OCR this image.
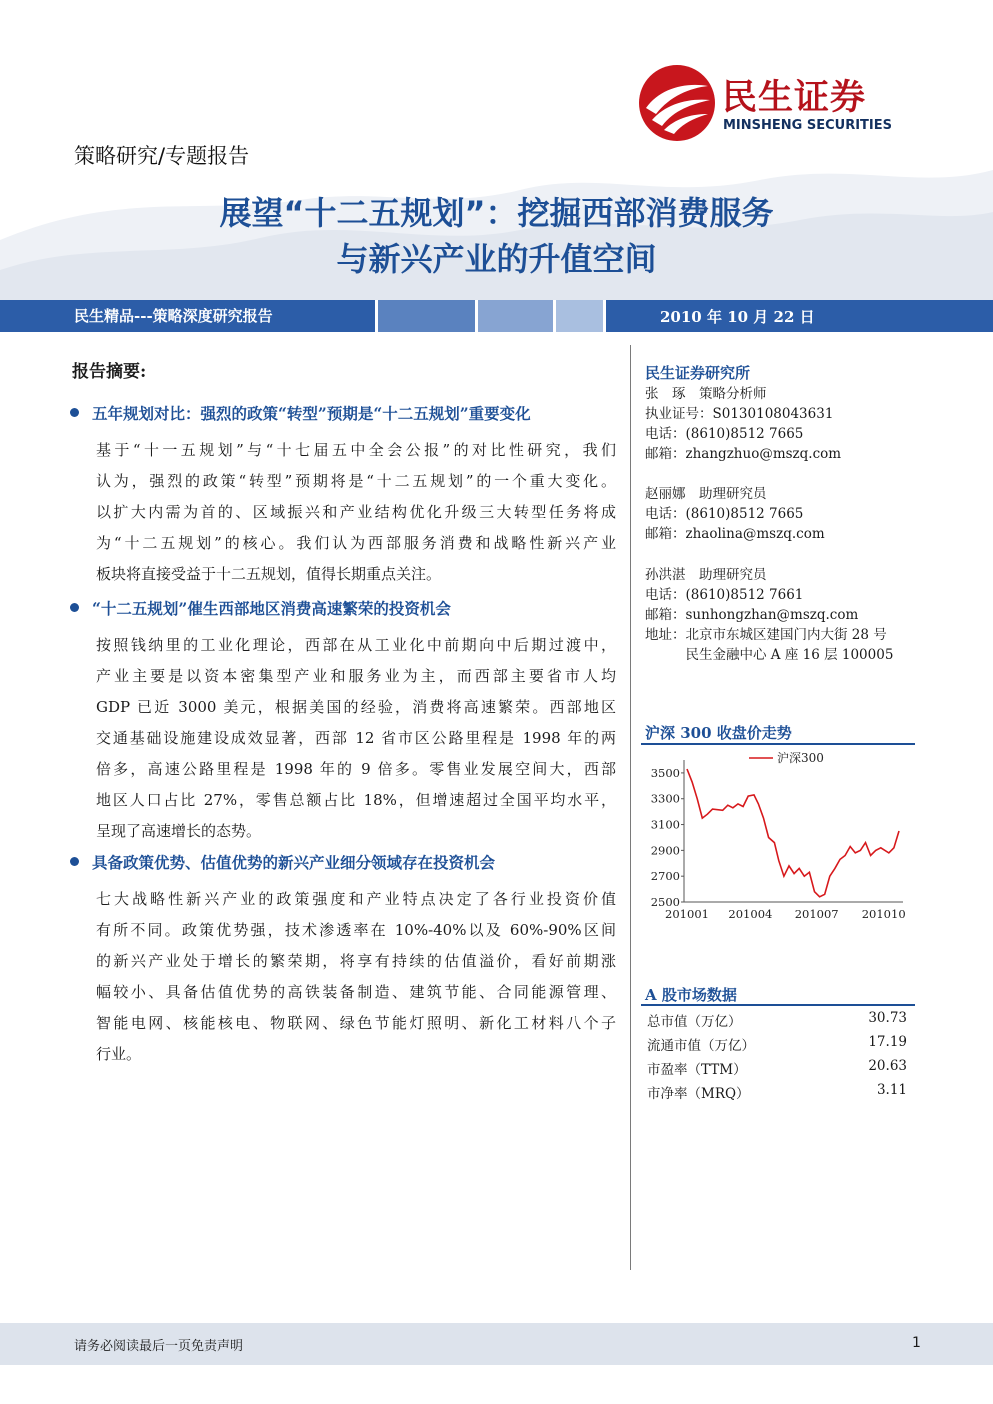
民生证券
MINSHENG SECURITIES
策略研究/专题报告
展望“十二五规划”：挖掘西部消费服务
与新兴产业的升值空间
民生精品---策略深度研究报告	2010 年 10 月 22 日
报告摘要:
五年规划对比：强烈的政策“转型”预期是“十二五规划”重要变化
基于“十一五规划”与“十七届五中全会公报”的对比性研究，我们
认为，强烈的政策“转型”预期将是“十二五规划”的一个重大变化。
以扩大内需为首的、区域振兴和产业结构优化升级三大转型任务将成
为“十二五规划”的核心。我们认为西部服务消费和战略性新兴产业
板块将直接受益于十二五规划，值得长期重点关注。
“十二五规划”催生西部地区消费高速繁荣的投资机会
按照钱纳里的工业化理论，西部在从工业化中前期向中后期过渡中，
产业主要是以资本密集型产业和服务业为主，而西部主要省市人均
GDP 已近 3000 美元，根据美国的经验，消费将高速繁荣。西部地区
交通基础设施建设成效显著，西部 12 省市区公路里程是 1998 年的两
倍多，高速公路里程是 1998 年的 9 倍多。零售业发展空间大，西部
地区人口占比 27%，零售总额占比 18%，但增速超过全国平均水平，
呈现了高速增长的态势。
具备政策优势、估值优势的新兴产业细分领域存在投资机会
七大战略性新兴产业的政策强度和产业特点决定了各行业投资价值
有所不同。政策优势强，技术渗透率在 10%-40%以及 60%-90%区间
的新兴产业处于增长的繁荣期，将享有持续的估值溢价，看好前期涨
幅较小、具备估值优势的高铁装备制造、建筑节能、合同能源管理、
智能电网、核能核电、物联网、绿色节能灯照明、新化工材料八个子
行业。
民生证券研究所
张　琢　策略分析师
执业证号：S0130108043631
电话：(8610)8512 7665
邮箱：zhangzhuo@mszq.com
赵丽娜　助理研究员
电话：(8610)8512 7665
邮箱：zhaolina@mszq.com
孙洪湛　助理研究员
电话：(8610)8512 7661
邮箱：sunhongzhan@mszq.com
地址：北京市东城区建国门内大街 28 号
　　　民生金融中心 A 座 16 层 100005
沪深 300 收盘价走势
2500
2700
2900
3100
3300
3500
201001 201004 201007 201010
沪深300
A 股市场数据
总市值（万亿）	30.73
流通市值（万亿）	17.19
市盈率（TTM）	20.63
市净率（MRQ）	3.11
请务必阅读最后一页免责声明	1
